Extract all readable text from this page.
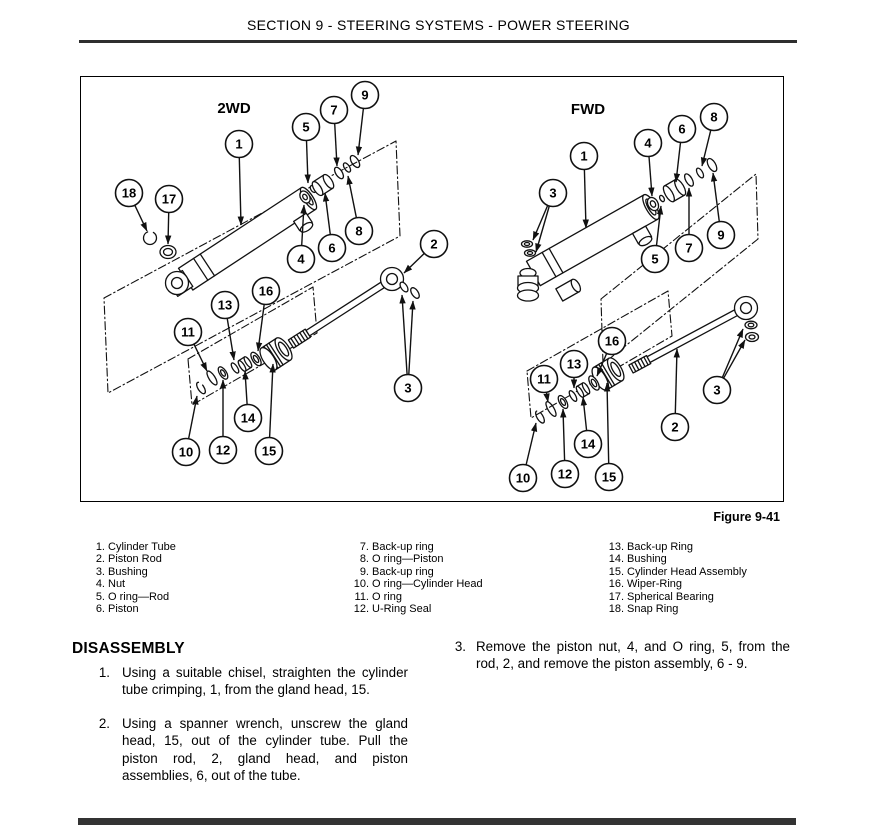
SECTION 9 - STEERING SYSTEMS - POWER STEERING
2WD	FWD
1
5
7
9
18 17
4
6
8
2
16
13
11
14
10 12 15
3
1
3
4
6
8
5
7
9
16
13
11
14
10 12 15
2
3
Figure 9-41
1. Cylinder Tube
2. Piston Rod
3. Bushing
4. Nut
5. O ring—Rod
6. Piston
7. Back-up ring
8. O ring—Piston
9. Back-up ring
10. O ring—Cylinder Head
11. O ring
12. U-Ring Seal
13. Back-up Ring
14. Bushing
15. Cylinder Head Assembly
16. Wiper-Ring
17. Spherical Bearing
18. Snap Ring
DISASSEMBLY
1. Using a suitable chisel, straighten the cylinder tube crimping, 1, from the gland head, 15.
2. Using a spanner wrench, unscrew the gland head, 15, out of the cylinder tube. Pull the piston rod, 2, gland head, and piston assemblies, 6, out of the tube.
3. Remove the piston nut, 4, and O ring, 5, from the rod, 2, and remove the piston assembly, 6 - 9.
